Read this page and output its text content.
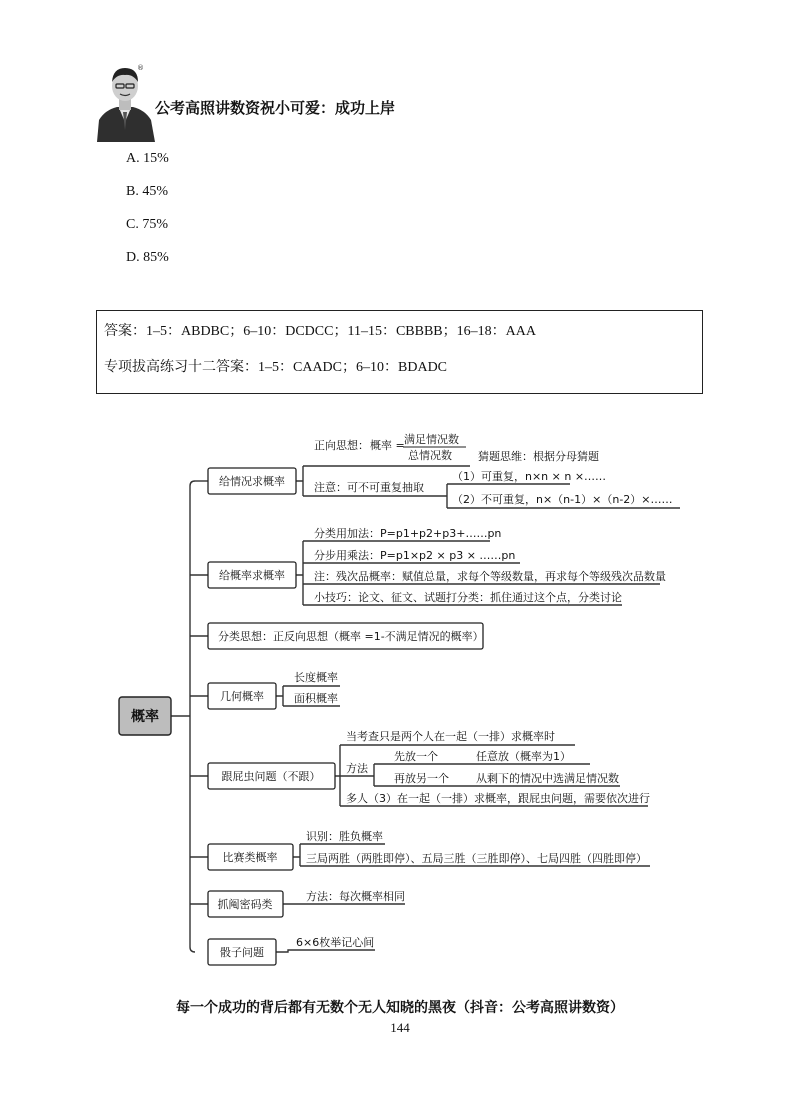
®
公考高照讲数资祝小可爱：成功上岸
A. 15%
B. 45%
C. 75%
D. 85%
答案：1–5：ABDBC；6–10：DCDCC；11–15：CBBBB；16–18：AAA
专项拔高练习十二答案：1–5：CAADC；6–10：BDADC
概率
给情况求概率
给概率求概率
分类思想：正反向思想（概率 =1-不满足情况的概率）
几何概率
跟屁虫问题（不跟）
比赛类概率
抓阄密码类
骰子问题
正向思想： 概率 = 满足情况数
总情况数 猜题思维：根据分母猜题
注意：可不可重复抽取
（1）可重复，n×n × n ×……
（2）不可重复，n×（n-1）×（n-2）×……
分类用加法：P=p1+p2+p3+……pn
分步用乘法：P=p1×p2 × p3 × ……pn
注：残次品概率：赋值总量，求每个等级数量，再求每个等级残次品数量
小技巧：论文、征文、试题打分类：抓住通过这个点，分类讨论
长度概率
面积概率
当考查只是两个人在一起（一排）求概率时
方法
先放一个	任意放（概率为1）
再放另一个 从剩下的情况中选满足情况数
多人（3）在一起（一排）求概率，跟屁虫问题，需要依次进行
识别：胜负概率
三局两胜（两胜即停）、五局三胜（三胜即停）、七局四胜（四胜即停）
方法：每次概率相同
6×6枚举记心间
每一个成功的背后都有无数个无人知晓的黑夜（抖音：公考高照讲数资）
144
